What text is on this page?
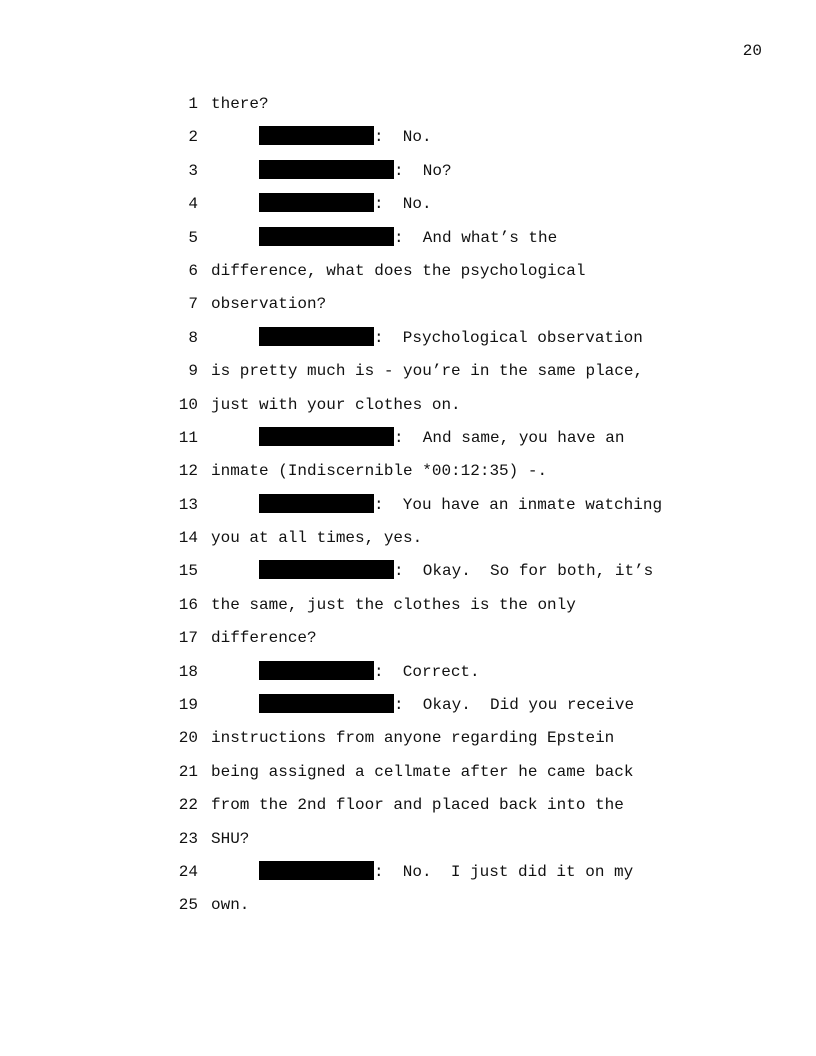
20
1 there?
2	:  No.
3	:  No?
4	:  No.
5	:  And what’s the
6 difference, what does the psychological
7 observation?
8	:  Psychological observation
9 is pretty much is - you’re in the same place,
10 just with your clothes on.
11	:  And same, you have an
12 inmate (Indiscernible *00:12:35) -.
13	:  You have an inmate watching
14 you at all times, yes.
15	:  Okay.  So for both, it’s
16 the same, just the clothes is the only
17 difference?
18	:  Correct.
19	:  Okay.  Did you receive
20 instructions from anyone regarding Epstein
21 being assigned a cellmate after he came back
22 from the 2nd floor and placed back into the
23 SHU?
24	:  No.  I just did it on my
25 own.
